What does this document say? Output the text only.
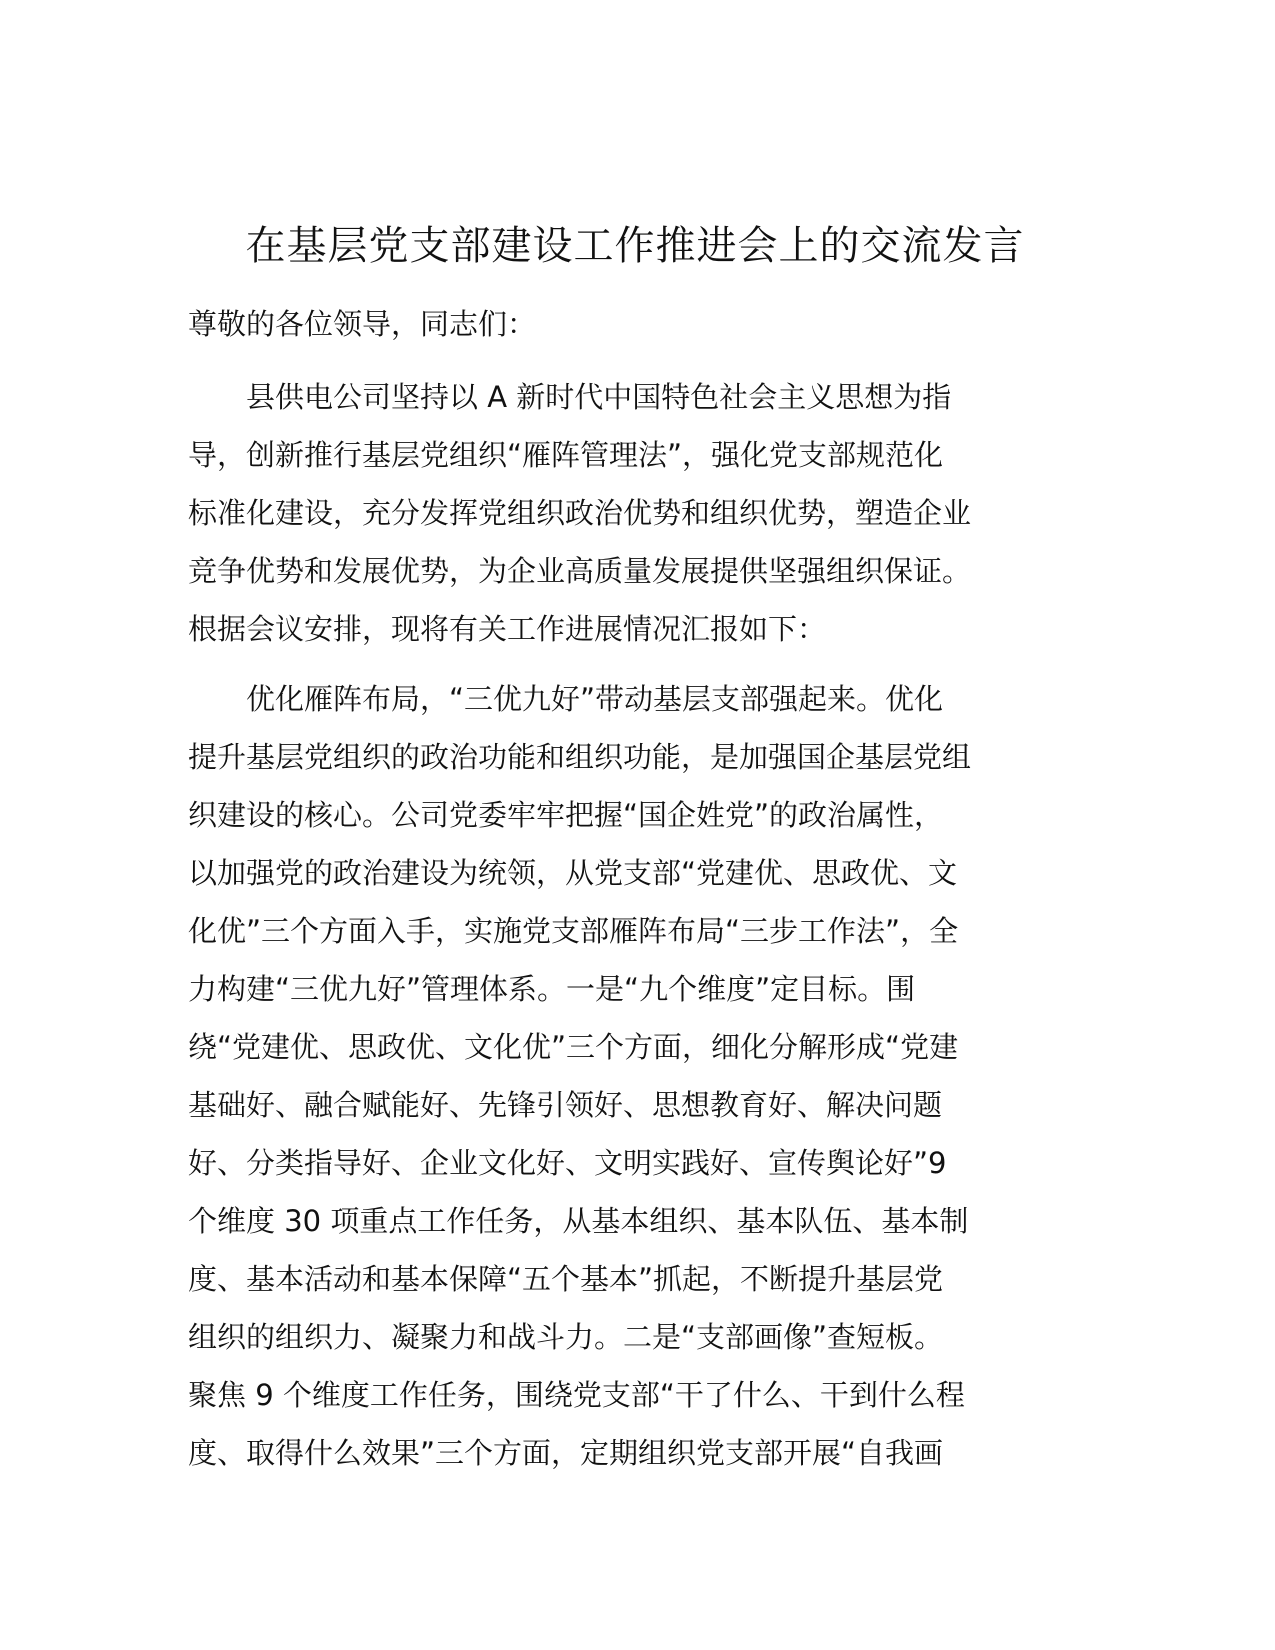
在基层党支部建设工作推进会上的交流发言
尊敬的各位领导，同志们：
　　县供电公司坚持以 A 新时代中国特色社会主义思想为指
导，创新推行基层党组织“雁阵管理法”，强化党支部规范化
标准化建设，充分发挥党组织政治优势和组织优势，塑造企业
竞争优势和发展优势，为企业高质量发展提供坚强组织保证。
根据会议安排，现将有关工作进展情况汇报如下：
　　优化雁阵布局，“三优九好”带动基层支部强起来。优化
提升基层党组织的政治功能和组织功能，是加强国企基层党组
织建设的核心。公司党委牢牢把握“国企姓党”的政治属性，
以加强党的政治建设为统领，从党支部“党建优、思政优、文
化优”三个方面入手，实施党支部雁阵布局“三步工作法”，全
力构建“三优九好”管理体系。一是“九个维度”定目标。围
绕“党建优、思政优、文化优”三个方面，细化分解形成“党建
基础好、融合赋能好、先锋引领好、思想教育好、解决问题
好、分类指导好、企业文化好、文明实践好、宣传舆论好”9
个维度 30 项重点工作任务，从基本组织、基本队伍、基本制
度、基本活动和基本保障“五个基本”抓起，不断提升基层党
组织的组织力、凝聚力和战斗力。二是“支部画像”查短板。
聚焦 9 个维度工作任务，围绕党支部“干了什么、干到什么程
度、取得什么效果”三个方面，定期组织党支部开展“自我画
